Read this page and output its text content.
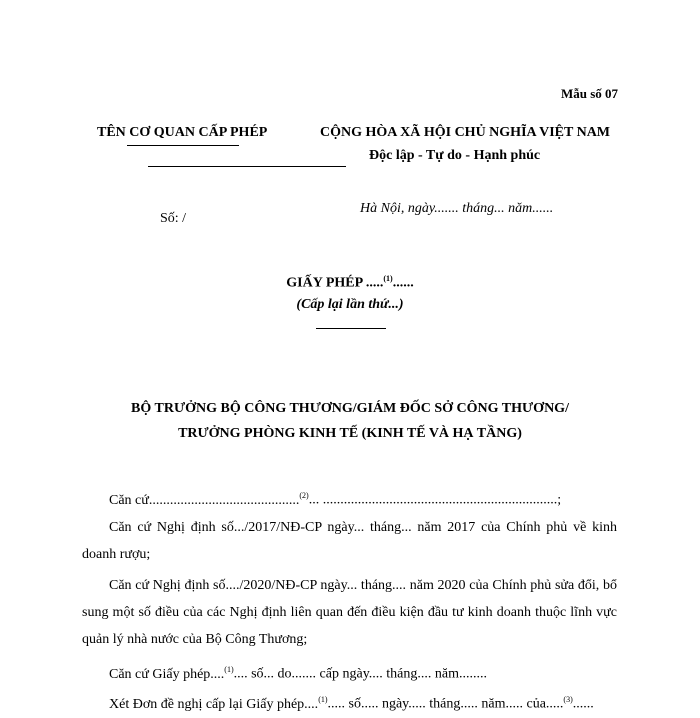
Mẫu số 07
TÊN CƠ QUAN CẤP PHÉP	CỘNG HÒA XÃ HỘI CHỦ NGHĨA VIỆT NAM
Độc lập - Tự do - Hạnh phúc
Số: /
Hà Nội, ngày....... tháng... năm......
GIẤY PHÉP .....$^{(1)}$......
(Cấp lại lần thứ...)
BỘ TRƯỞNG BỘ CÔNG THƯƠNG/GIÁM ĐỐC SỞ CÔNG THƯƠNG/
TRƯỞNG PHÒNG KINH TẾ (KINH TẾ VÀ HẠ TẦNG)
Căn cứ...........................................$^{(2)}$... ...................................................................;
Căn cứ Nghị định số.../2017/NĐ-CP ngày... tháng... năm 2017 của Chính phủ về kinh doanh rượu;
Căn cứ Nghị định số..../2020/NĐ-CP ngày... tháng.... năm 2020 của Chính phủ sửa đổi, bổ sung một số điều của các Nghị định liên quan đến điều kiện đầu tư kinh doanh thuộc lĩnh vực quản lý nhà nước của Bộ Công Thương;
Căn cứ Giấy phép....$^{(1)}$.... số... do....... cấp ngày.... tháng.... năm........
Xét Đơn đề nghị cấp lại Giấy phép....$^{(1)}$..... số..... ngày..... tháng..... năm..... của.....$^{(3)}$......
